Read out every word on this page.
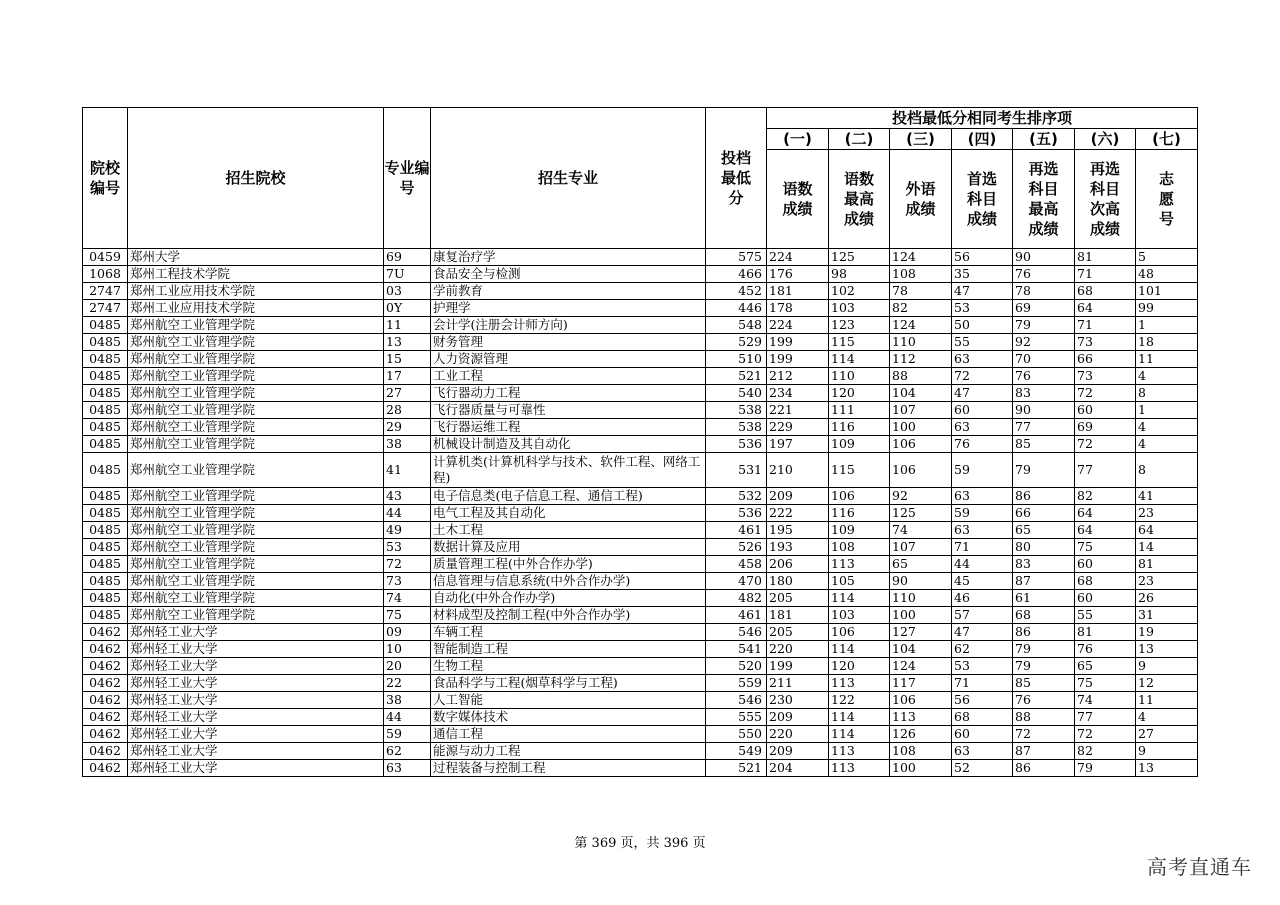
院校编号	招生院校	专业编号	招生专业	投档最低分	投档最低分相同考生排序项						
					(一)	(二)	(三)	(四)	(五)	(六)	(七)
					语数成绩	语数最高成绩	外语成绩	首选科目成绩	再选科目最高成绩	再选科目次高成绩	志愿号
0459	郑州大学	69	康复治疗学	575	224	125	124	56	90	81	5
1068	郑州工程技术学院	7U	食品安全与检测	466	176	98	108	35	76	71	48
2747	郑州工业应用技术学院	03	学前教育	452	181	102	78	47	78	68	101
2747	郑州工业应用技术学院	0Y	护理学	446	178	103	82	53	69	64	99
0485	郑州航空工业管理学院	11	会计学(注册会计师方向)	548	224	123	124	50	79	71	1
0485	郑州航空工业管理学院	13	财务管理	529	199	115	110	55	92	73	18
0485	郑州航空工业管理学院	15	人力资源管理	510	199	114	112	63	70	66	11
0485	郑州航空工业管理学院	17	工业工程	521	212	110	88	72	76	73	4
0485	郑州航空工业管理学院	27	飞行器动力工程	540	234	120	104	47	83	72	8
0485	郑州航空工业管理学院	28	飞行器质量与可靠性	538	221	111	107	60	90	60	1
0485	郑州航空工业管理学院	29	飞行器运维工程	538	229	116	100	63	77	69	4
0485	郑州航空工业管理学院	38	机械设计制造及其自动化	536	197	109	106	76	85	72	4
0485	郑州航空工业管理学院	41	计算机类(计算机科学与技术、软件工程、网络工程)	531	210	115	106	59	79	77	8
0485	郑州航空工业管理学院	43	电子信息类(电子信息工程、通信工程)	532	209	106	92	63	86	82	41
0485	郑州航空工业管理学院	44	电气工程及其自动化	536	222	116	125	59	66	64	23
0485	郑州航空工业管理学院	49	土木工程	461	195	109	74	63	65	64	64
0485	郑州航空工业管理学院	53	数据计算及应用	526	193	108	107	71	80	75	14
0485	郑州航空工业管理学院	72	质量管理工程(中外合作办学)	458	206	113	65	44	83	60	81
0485	郑州航空工业管理学院	73	信息管理与信息系统(中外合作办学)	470	180	105	90	45	87	68	23
0485	郑州航空工业管理学院	74	自动化(中外合作办学)	482	205	114	110	46	61	60	26
0485	郑州航空工业管理学院	75	材料成型及控制工程(中外合作办学)	461	181	103	100	57	68	55	31
0462	郑州轻工业大学	09	车辆工程	546	205	106	127	47	86	81	19
0462	郑州轻工业大学	10	智能制造工程	541	220	114	104	62	79	76	13
0462	郑州轻工业大学	20	生物工程	520	199	120	124	53	79	65	9
0462	郑州轻工业大学	22	食品科学与工程(烟草科学与工程)	559	211	113	117	71	85	75	12
0462	郑州轻工业大学	38	人工智能	546	230	122	106	56	76	74	11
0462	郑州轻工业大学	44	数字媒体技术	555	209	114	113	68	88	77	4
0462	郑州轻工业大学	59	通信工程	550	220	114	126	60	72	72	27
0462	郑州轻工业大学	62	能源与动力工程	549	209	113	108	63	87	82	9
0462	郑州轻工业大学	63	过程装备与控制工程	521	204	113	100	52	86	79	13
第 369 页，共 396 页
高考直通车
